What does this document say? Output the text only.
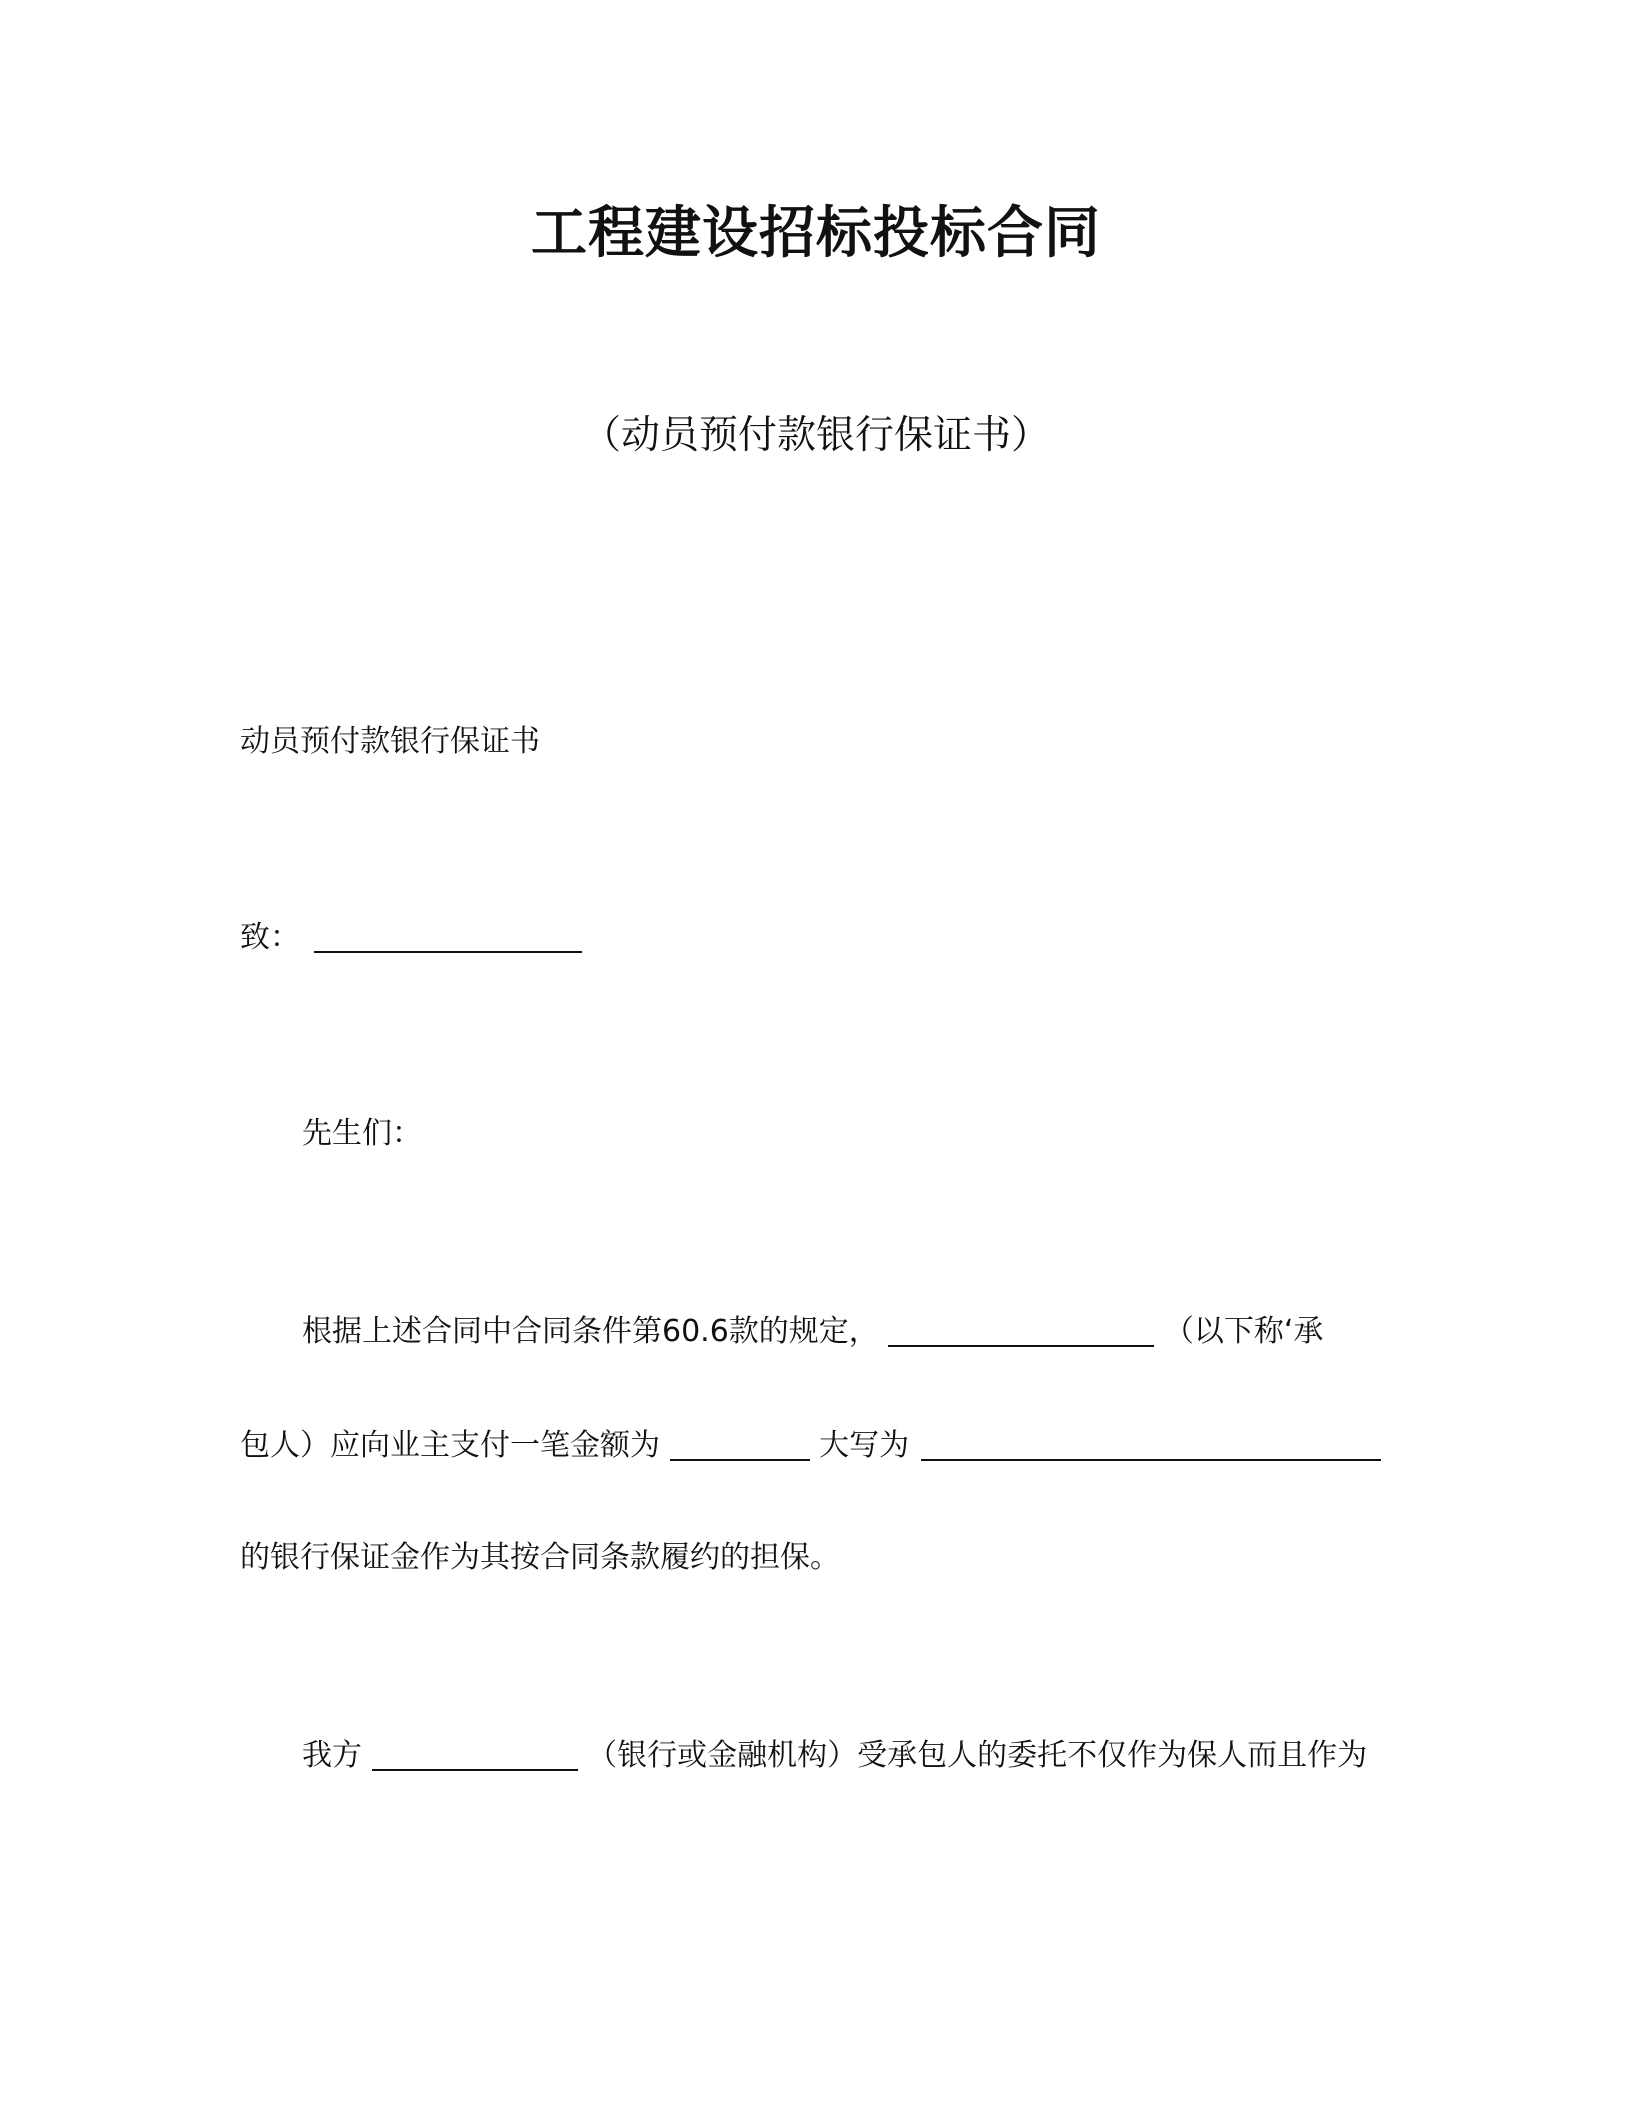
工程建设招标投标合同
（动员预付款银行保证书）
动员预付款银行保证书
致：
先生们：
根据上述合同中合同条件第60.6款的规定，	（以下称‘承
包人）应向业主支付一笔金额为	大写为
的银行保证金作为其按合同条款履约的担保。
我方	（银行或金融机构）受承包人的委托不仅作为保人而且作为
